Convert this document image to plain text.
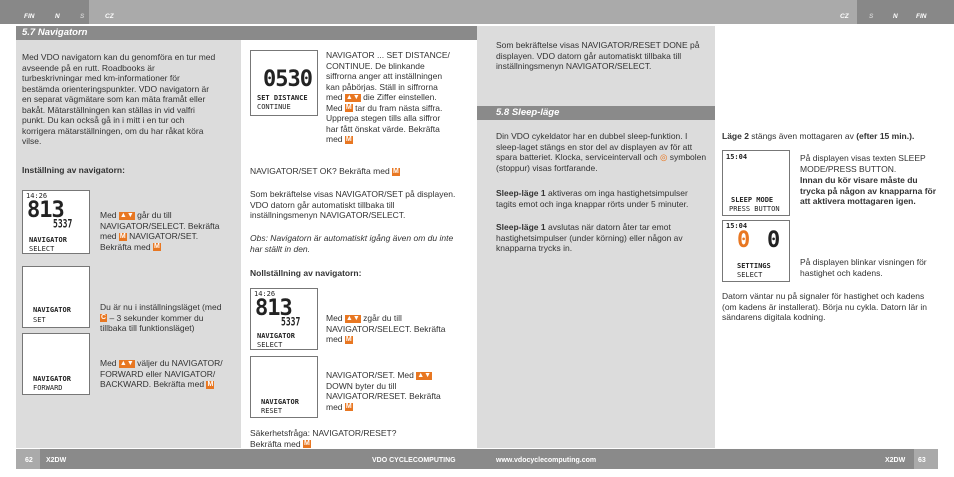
FIN	N	S	CZ	CZ	S	N	FIN
5.7 Navigatorn
Med VDO navigatorn kan du genomföra en tur med avseende på en rutt. Roadbooks är turbeskrivningar med km-informationer för bestämda orienteringspunkter. VDO navigatorn är en separat vägmätare som kan mäta framåt eller bakåt. Mätarställningen kan ställas in vid valfri punkt. Du kan också gå in i mitt i en tur och korrigera mätarställningen, om du har råkat köra vilse.
Inställning av navigatorn:
14:26
813
5337
NAVIGATOR
SELECT
Med ▲▼ går du till NAVIGATOR/SELECT. Bekräfta med M NAVIGATOR/SET. Bekräfta med M
NAVIGATOR
SET
Du är nu i inställningsläget (med C – 3 sekunder kommer du tillbaka till funktionsläget)
NAVIGATOR
FORWARD
Med ▲▼ väljer du NAVIGATOR/ FORWARD eller NAVIGATOR/ BACKWARD. Bekräfta med M
0530
SET DISTANCE
CONTINUE
NAVIGATOR ... SET DISTANCE/ CONTINUE. De blinkande siffrorna anger att inställningen kan påbörjas. Ställ in siffrorna med ▲▼ die Ziffer einstellen. Med M tar du fram nästa siffra. Upprepa stegen tills alla siffror har fått önskat värde. Bekräfta med M
NAVIGATOR/SET OK? Bekräfta med M
Som bekräftelse visas NAVIGATOR/SET på displayen. VDO datorn går automatiskt tillbaka till inställningsmenyn NAVIGATOR/SELECT.
Obs: Navigatorn är automatiskt igång även om du inte har ställt in den.
Nollställning av navigatorn:
14:26
813
5337
NAVIGATOR
SELECT
Med ▲▼ zgår du till NAVIGATOR/SELECT. Bekräfta med M
NAVIGATOR
RESET
NAVIGATOR/SET. Med ▲▼ DOWN byter du till NAVIGATOR/RESET. Bekräfta med M
Säkerhetsfråga: NAVIGATOR/RESET? Bekräfta med M
Som bekräftelse visas NAVIGATOR/RESET DONE på displayen. VDO datorn går automatiskt tillbaka till inställningsmenyn NAVIGATOR/SELECT.
5.8 Sleep-läge
Din VDO cykeldator har en dubbel sleep-funktion. I sleep-laget stängs en stor del av displayen av för att spara batteriet. Klocka, serviceintervall och ◎ symbolen (stoppur) visas fortfarande.
Sleep-läge 1 aktiveras om inga hastighetsimpulser tagits emot och inga knappar rörts under 5 minuter.
Sleep-läge 1 avslutas när datorn åter tar emot hastighetsimpulser (under körning) eller någon av knapparna trycks in.
Läge 2 stängs även mottagaren av (efter 15 min.).
15:04
SLEEP MODE
PRESS BUTTON
På displayen visas texten SLEEP MODE/PRESS BUTTON.
Innan du kör visare måste du trycka på någon av knapparna för att aktivera mottagaren igen.
15:04
0 0
SETTINGS
SELECT
På displayen blinkar visningen för hastighet och kadens.
Datorn väntar nu på signaler för hastighet och kadens (om kadens är installerat). Börja nu cykla. Datorn lär in sändarens digitala kodning.
62 X2DW	VDO CYCLECOMPUTING	www.vdocyclecomputing.com	X2DW 63
